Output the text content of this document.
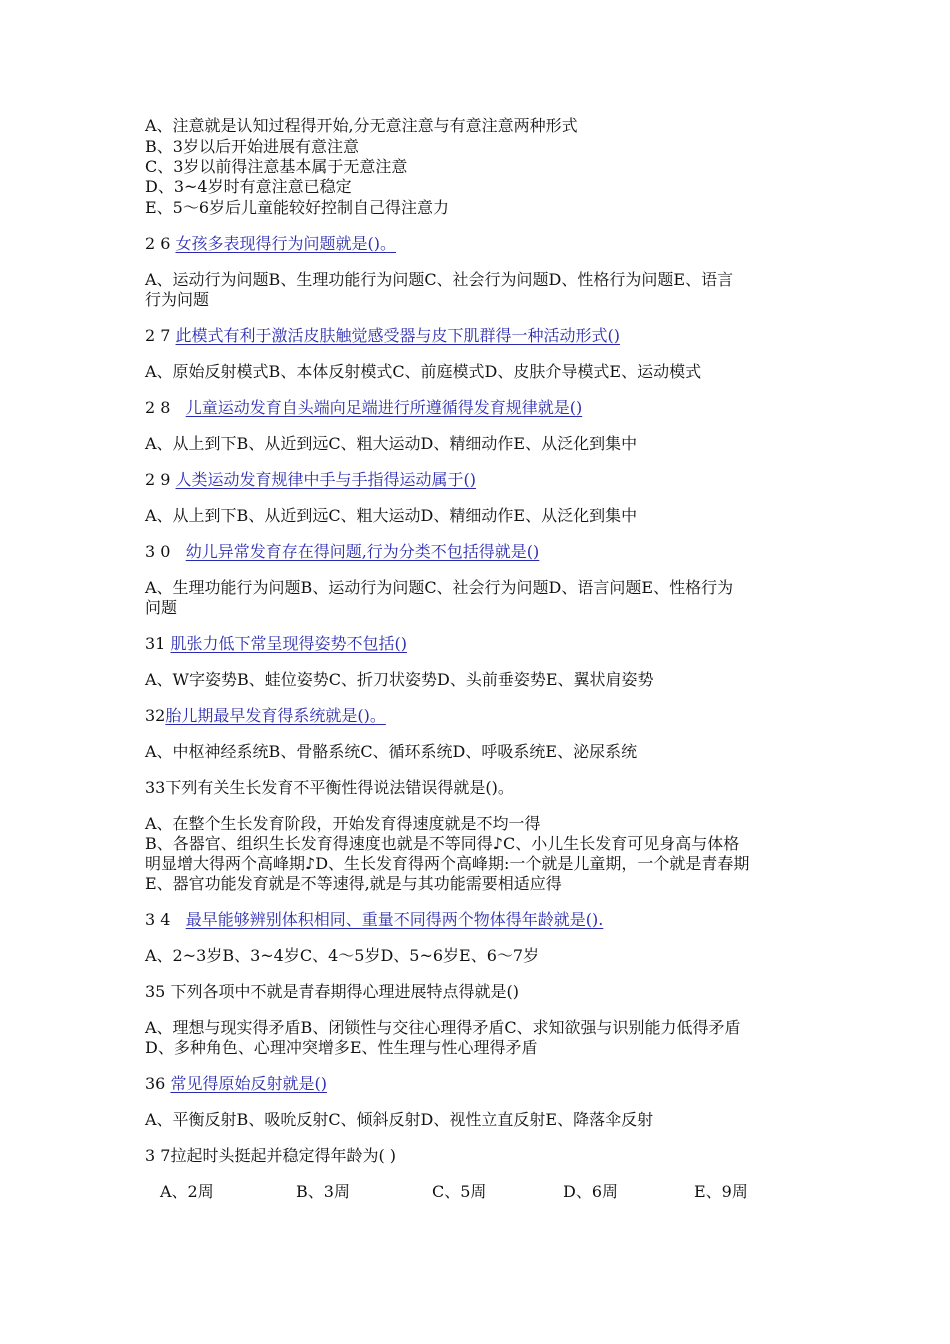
A、注意就是认知过程得开始,分无意注意与有意注意两种形式
B、3岁以后开始进展有意注意
C、3岁以前得注意基本属于无意注意
D、3~4岁时有意注意已稳定
E、5～6岁后儿童能较好控制自己得注意力
2 6 女孩多表现得行为问题就是()。
A、运动行为问题B、生理功能行为问题C、社会行为问题D、性格行为问题E、语言
行为问题
2 7 此模式有利于激活皮肤触觉感受器与皮下肌群得一种活动形式()
A、原始反射模式B、本体反射模式C、前庭模式D、皮肤介导模式E、运动模式
2 8   儿童运动发育自头端向足端进行所遵循得发育规律就是()
A、从上到下B、从近到远C、粗大运动D、精细动作E、从泛化到集中
2 9 人类运动发育规律中手与手指得运动属于()
A、从上到下B、从近到远C、粗大运动D、精细动作E、从泛化到集中
3 0   幼儿异常发育存在得问题,行为分类不包括得就是()
A、生理功能行为问题B、运动行为问题C、社会行为问题D、语言问题E、性格行为
问题
31 肌张力低下常呈现得姿势不包括()
A、W字姿势B、蛙位姿势C、折刀状姿势D、头前垂姿势E、翼状肩姿势
32胎儿期最早发育得系统就是()。
A、中枢神经系统B、骨骼系统C、循环系统D、呼吸系统E、泌尿系统
33下列有关生长发育不平衡性得说法错误得就是()。
A、在整个生长发育阶段，开始发育得速度就是不均一得
B、各器官、组织生长发育得速度也就是不等同得♪C、小儿生长发育可见身高与体格
明显增大得两个高峰期♪D、生长发育得两个高峰期:一个就是儿童期，一个就是青春期
E、器官功能发育就是不等速得,就是与其功能需要相适应得
3 4   最早能够辨别体积相同、重量不同得两个物体得年龄就是().
A、2~3岁B、3~4岁C、4～5岁D、5~6岁E、6～7岁
35 下列各项中不就是青春期得心理进展特点得就是()
A、理想与现实得矛盾B、闭锁性与交往心理得矛盾C、求知欲强与识别能力低得矛盾
D、多种角色、心理冲突增多E、性生理与性心理得矛盾
36 常见得原始反射就是()
A、平衡反射B、吸吮反射C、倾斜反射D、视性立直反射E、降落伞反射
3 7拉起时头挺起并稳定得年龄为( )
A、2周	B、3周	C、5周	D、6周	E、9周
